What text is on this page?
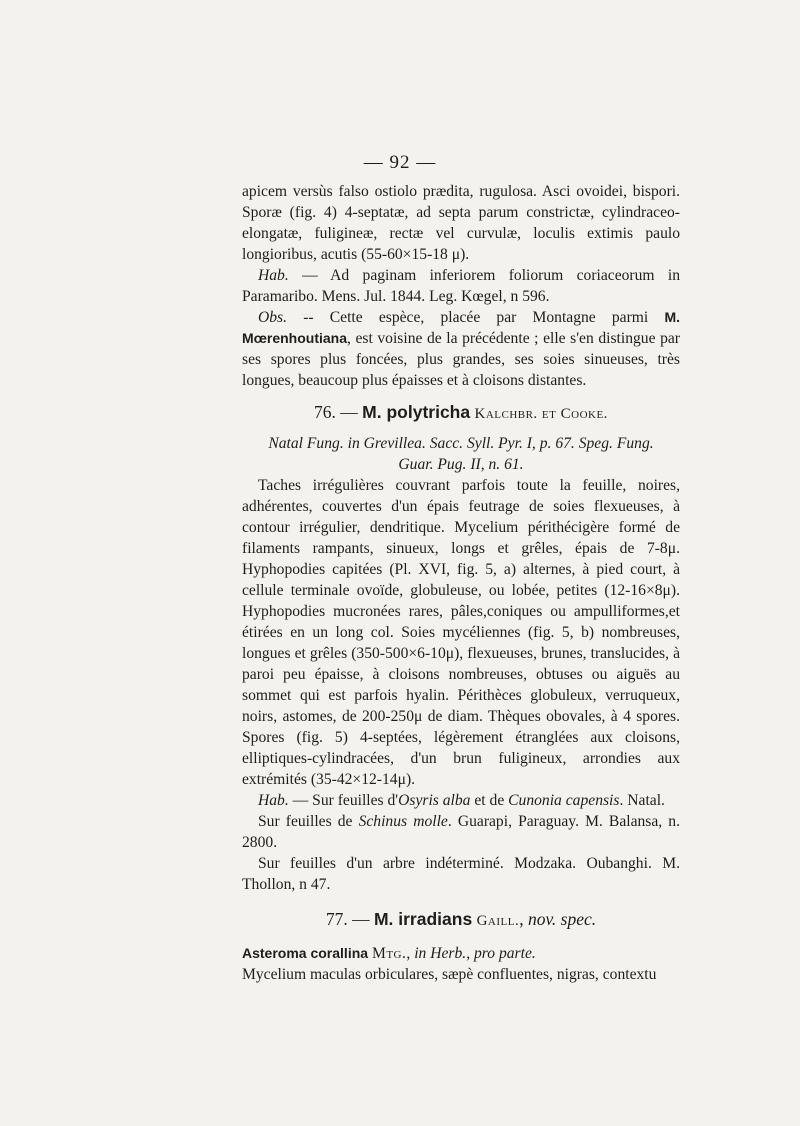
— 92 —

apicem versùs falso ostiolo prædita, rugulosa. Asci ovoidei, bispori. Sporæ (fig. 4) 4-septatæ, ad septa parum constrictæ, cylindraceo-elongatæ, fuligineæ, rectæ vel curvulæ, loculis extimis paulo longioribus, acutis (55-60×15-18 μ).

Hab. — Ad paginam inferiorem foliorum coriaceorum in Paramaribo. Mens. Jul. 1844. Leg. Kœgel, n 596.

Obs. -- Cette espèce, placée par Montagne parmi M. Mœrenhoutiana, est voisine de la précédente ; elle s'en distingue par ses spores plus foncées, plus grandes, ses soies sinueuses, très longues, beaucoup plus épaisses et à cloisons distantes.

76. — M. polytricha Kalchbr. et Cooke.

Natal Fung. in Grevillea. Sacc. Syll. Pyr. I, p. 67. Speg. Fung.

Guar. Pug. II, n. 61.

Taches irrégulières couvrant parfois toute la feuille, noires, adhérentes, couvertes d'un épais feutrage de soies flexueuses, à contour irrégulier, dendritique. Mycelium périthécigère formé de filaments rampants, sinueux, longs et grêles, épais de 7-8μ. Hyphopodies capitées (Pl. XVI, fig. 5, a) alternes, à pied court, à cellule terminale ovoïde, globuleuse, ou lobée, petites (12-16×8μ). Hyphopodies mucronées rares, pâles,coniques ou ampulliformes,et étirées en un long col. Soies mycéliennes (fig. 5, b) nombreuses, longues et grêles (350-500×6-10μ), flexueuses, brunes, translucides, à paroi peu épaisse, à cloisons nombreuses, obtuses ou aiguës au sommet qui est parfois hyalin. Périthèces globuleux, verruqueux, noirs, astomes, de 200-250μ de diam. Thèques obovales, à 4 spores. Spores (fig. 5) 4-septées, légèrement étranglées aux cloisons, elliptiques-cylindracées, d'un brun fuligineux, arrondies aux extrémités (35-42×12-14μ).

Hab. — Sur feuilles d'Osyris alba et de Cunonia capensis. Natal.

Sur feuilles de Schinus molle. Guarapi, Paraguay. M. Balansa, n. 2800.

Sur feuilles d'un arbre indéterminé. Modzaka. Oubanghi. M. Thollon, n 47.

77. — M. irradians Gaill., nov. spec.

Asteroma corallina Mtg., in Herb., pro parte.

Mycelium maculas orbiculares, sæpè confluentes, nigras, contextu
